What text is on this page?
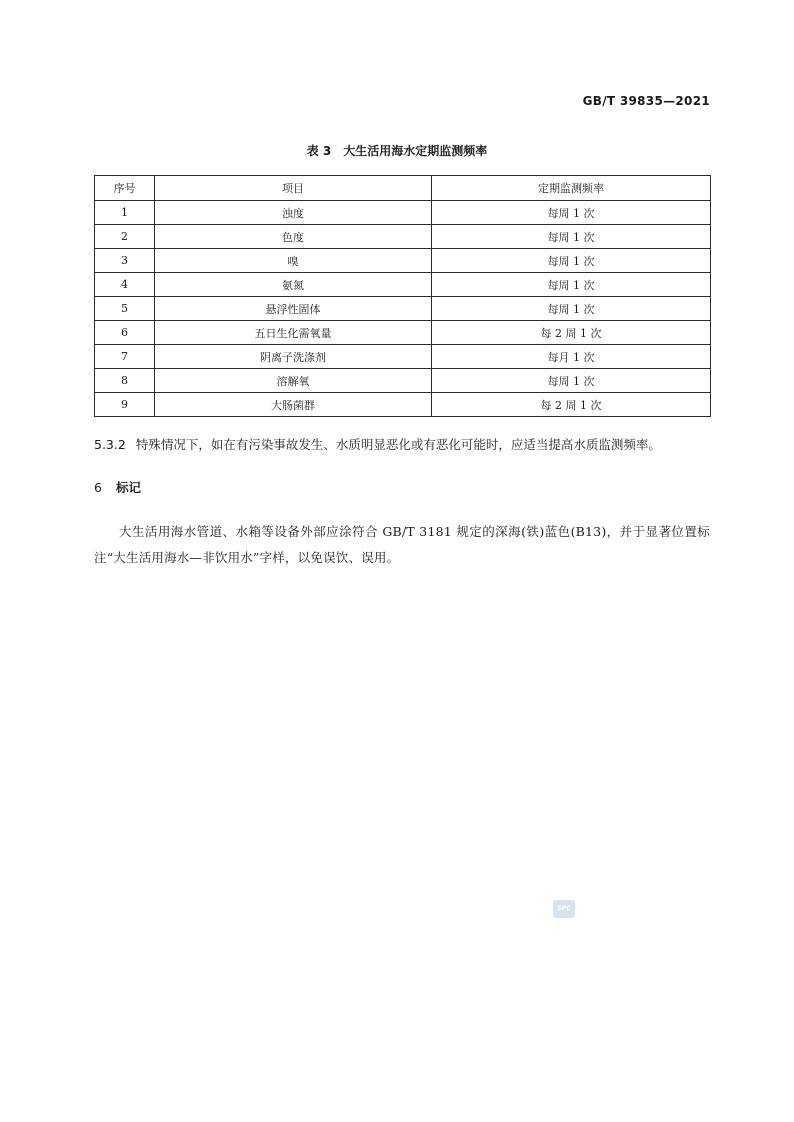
GB/T 39835—2021
表 3 大生活用海水定期监测频率
序号	项目	定期监测频率
1	浊度	每周 1 次
2	色度	每周 1 次
3	嗅	每周 1 次
4	氨氮	每周 1 次
5	悬浮性固体	每周 1 次
6	五日生化需氧量	每 2 周 1 次
7	阴离子洗涤剂	每月 1 次
8	溶解氧	每周 1 次
9	大肠菌群	每 2 周 1 次
5.3.2 特殊情况下，如在有污染事故发生、水质明显恶化或有恶化可能时，应适当提高水质监测频率。
6 标记
大生活用海水管道、水箱等设备外部应涂符合 GB/T 3181 规定的深海(铁)蓝色(B13)，并于显著位置标注“大生活用海水—非饮用水”字样，以免误饮、误用。
SPC
